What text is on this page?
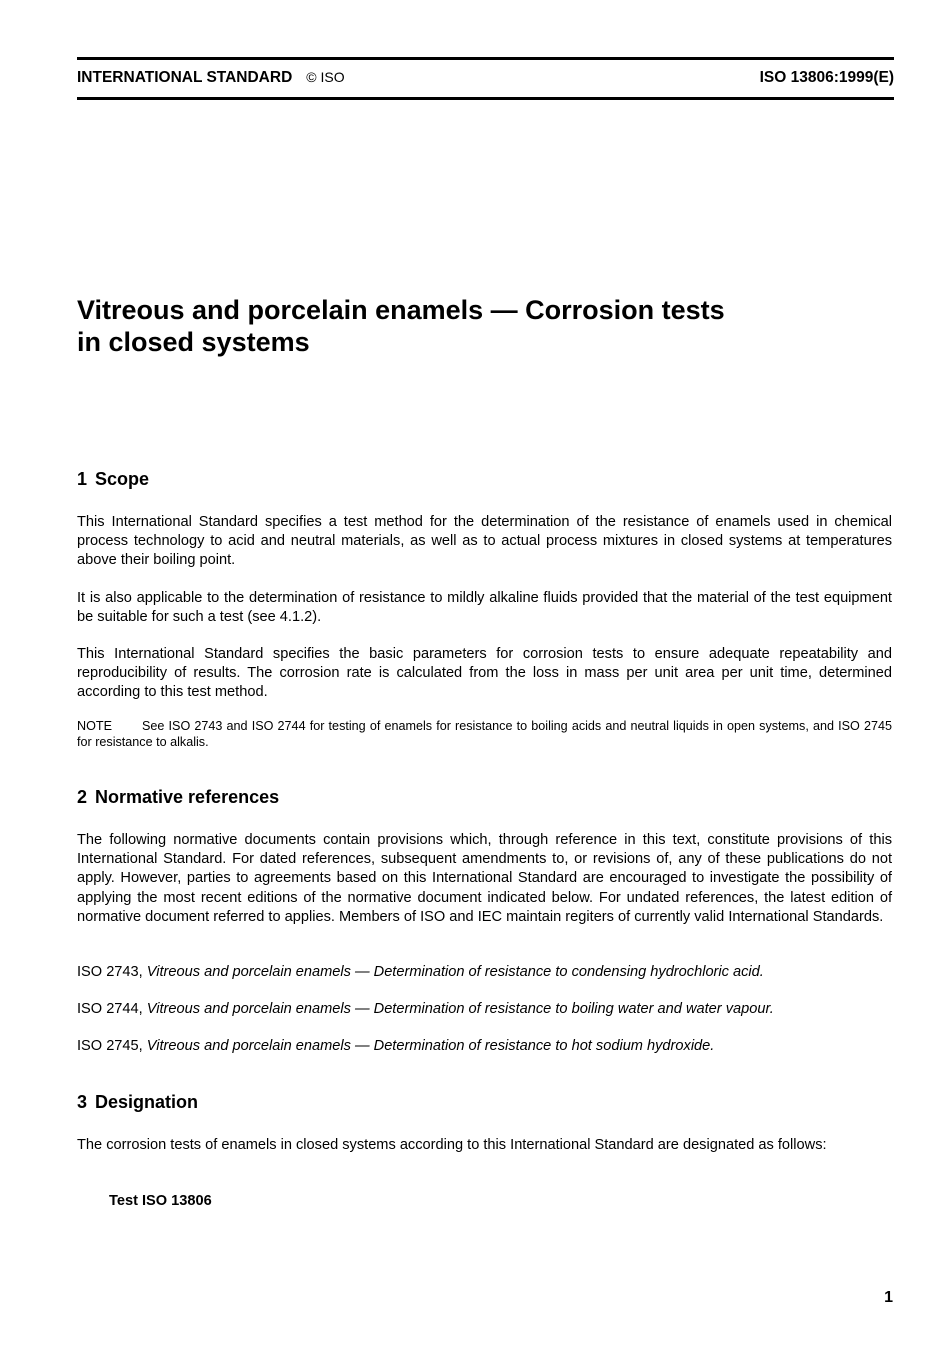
INTERNATIONAL STANDARD © ISO	ISO 13806:1999(E)
Vitreous and porcelain enamels — Corrosion tests
in closed systems
1 Scope

This International Standard specifies a test method for the determination of the resistance of enamels used in chemical process technology to acid and neutral materials, as well as to actual process mixtures in closed systems at temperatures above their boiling point.

It is also applicable to the determination of resistance to mildly alkaline fluids provided that the material of the test equipment be suitable for such a test (see 4.1.2).

This International Standard specifies the basic parameters for corrosion tests to ensure adequate repeatability and reproducibility of results. The corrosion rate is calculated from the loss in mass per unit area per unit time, determined according to this test method.

NOTE See ISO 2743 and ISO 2744 for testing of enamels for resistance to boiling acids and neutral liquids in open systems, and ISO 2745 for resistance to alkalis.

2 Normative references

The following normative documents contain provisions which, through reference in this text, constitute provisions of this International Standard. For dated references, subsequent amendments to, or revisions of, any of these publications do not apply. However, parties to agreements based on this International Standard are encouraged to investigate the possibility of applying the most recent editions of the normative document indicated below. For undated references, the latest edition of normative document referred to applies. Members of ISO and IEC maintain regiters of currently valid International Standards.

ISO 2743, Vitreous and porcelain enamels — Determination of resistance to condensing hydrochloric acid.

ISO 2744, Vitreous and porcelain enamels — Determination of resistance to boiling water and water vapour.

ISO 2745, Vitreous and porcelain enamels — Determination of resistance to hot sodium hydroxide.

3 Designation

The corrosion tests of enamels in closed systems according to this International Standard are designated as follows:

Test ISO 13806

1
